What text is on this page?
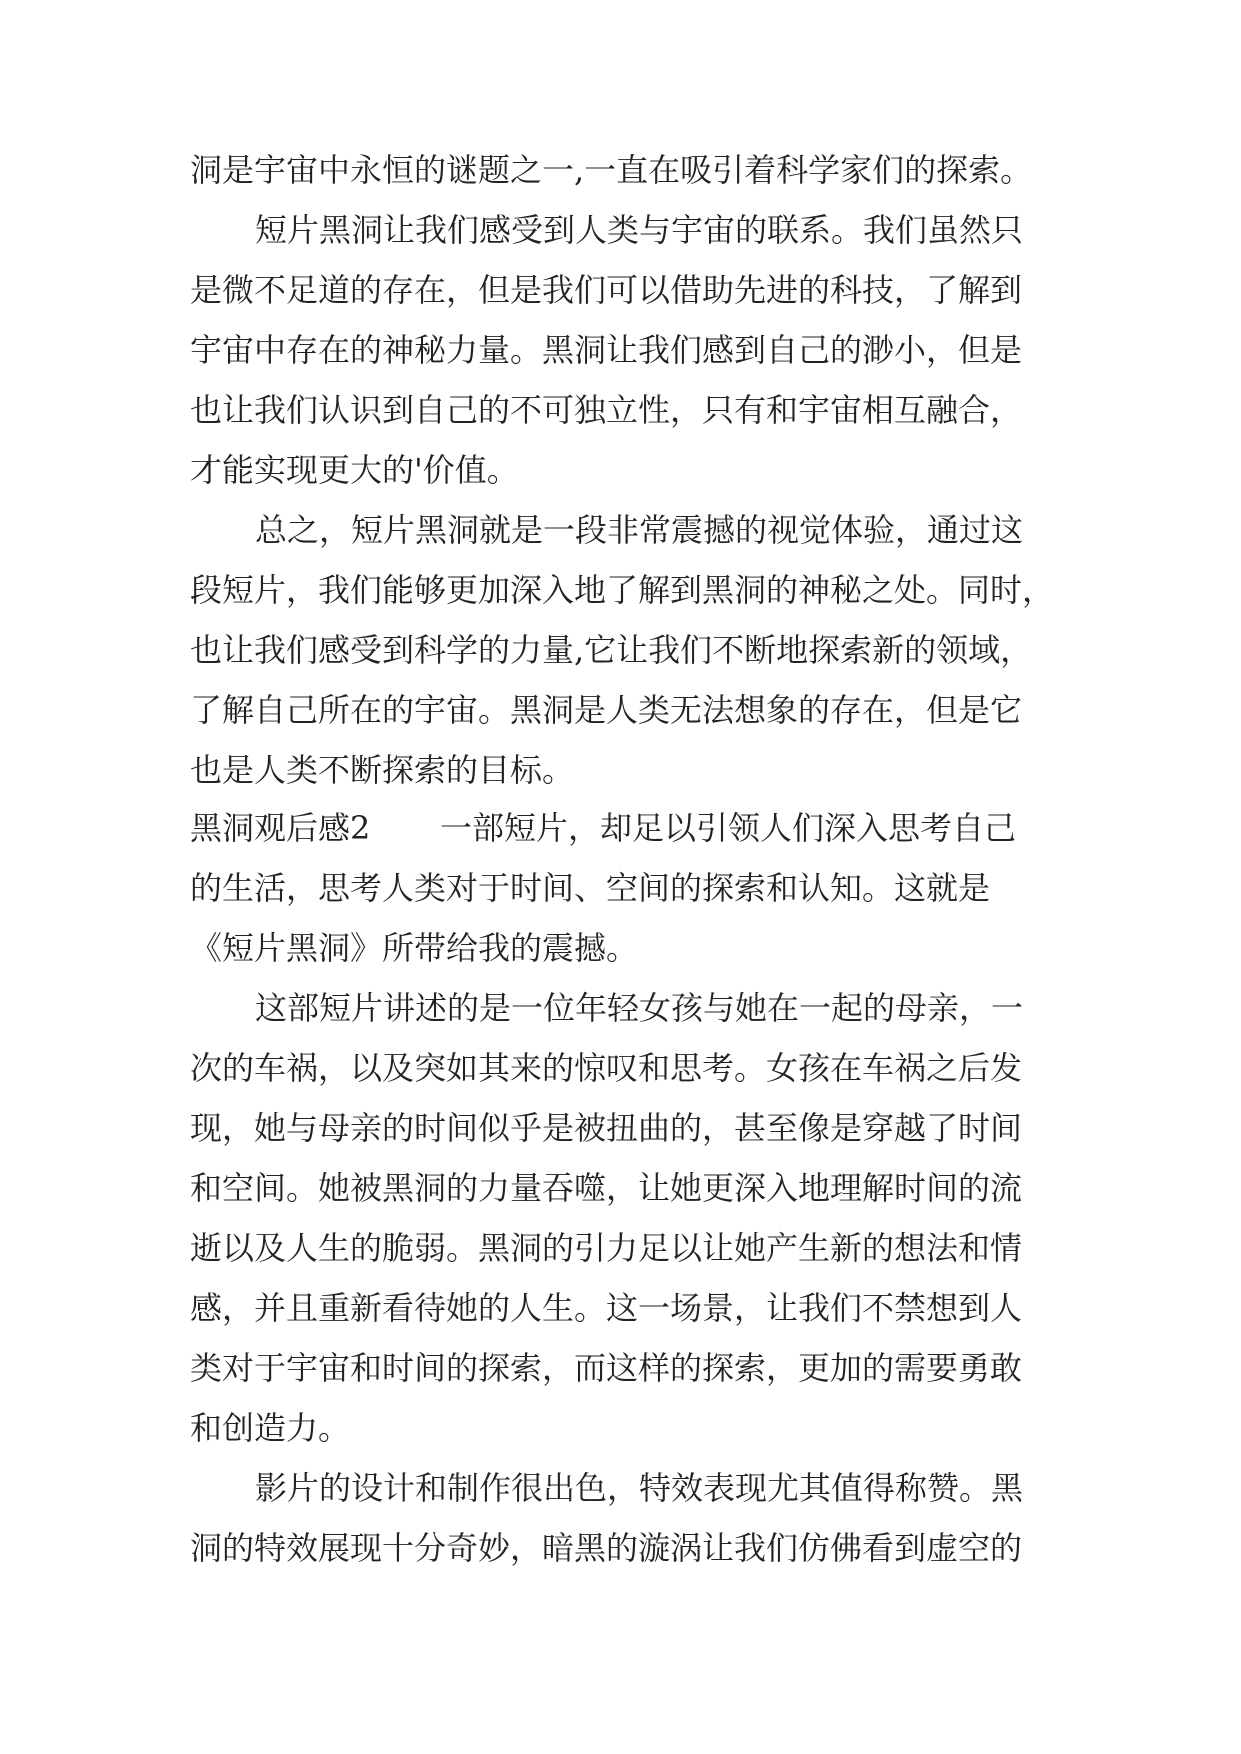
洞是宇宙中永恒的谜题之一,一直在吸引着科学家们的探索。

短片黑洞让我们感受到人类与宇宙的联系。我们虽然只

是微不足道的存在，但是我们可以借助先进的科技，了解到

宇宙中存在的神秘力量。黑洞让我们感到自己的渺小，但是

也让我们认识到自己的不可独立性，只有和宇宙相互融合，

才能实现更大的'价值。

总之，短片黑洞就是一段非常震撼的视觉体验，通过这

段短片，我们能够更加深入地了解到黑洞的神秘之处。同时，

也让我们感受到科学的力量,它让我们不断地探索新的领域，

了解自己所在的宇宙。黑洞是人类无法想象的存在，但是它

也是人类不断探索的目标。

黑洞观后感2 一部短片，却足以引领人们深入思考自己

的生活，思考人类对于时间、空间的探索和认知。这就是

《短片黑洞》所带给我的震撼。

这部短片讲述的是一位年轻女孩与她在一起的母亲，一

次的车祸，以及突如其来的惊叹和思考。女孩在车祸之后发

现，她与母亲的时间似乎是被扭曲的，甚至像是穿越了时间

和空间。她被黑洞的力量吞噬，让她更深入地理解时间的流

逝以及人生的脆弱。黑洞的引力足以让她产生新的想法和情

感，并且重新看待她的人生。这一场景，让我们不禁想到人

类对于宇宙和时间的探索，而这样的探索，更加的需要勇敢

和创造力。

影片的设计和制作很出色，特效表现尤其值得称赞。黑

洞的特效展现十分奇妙，暗黑的漩涡让我们仿佛看到虚空的
